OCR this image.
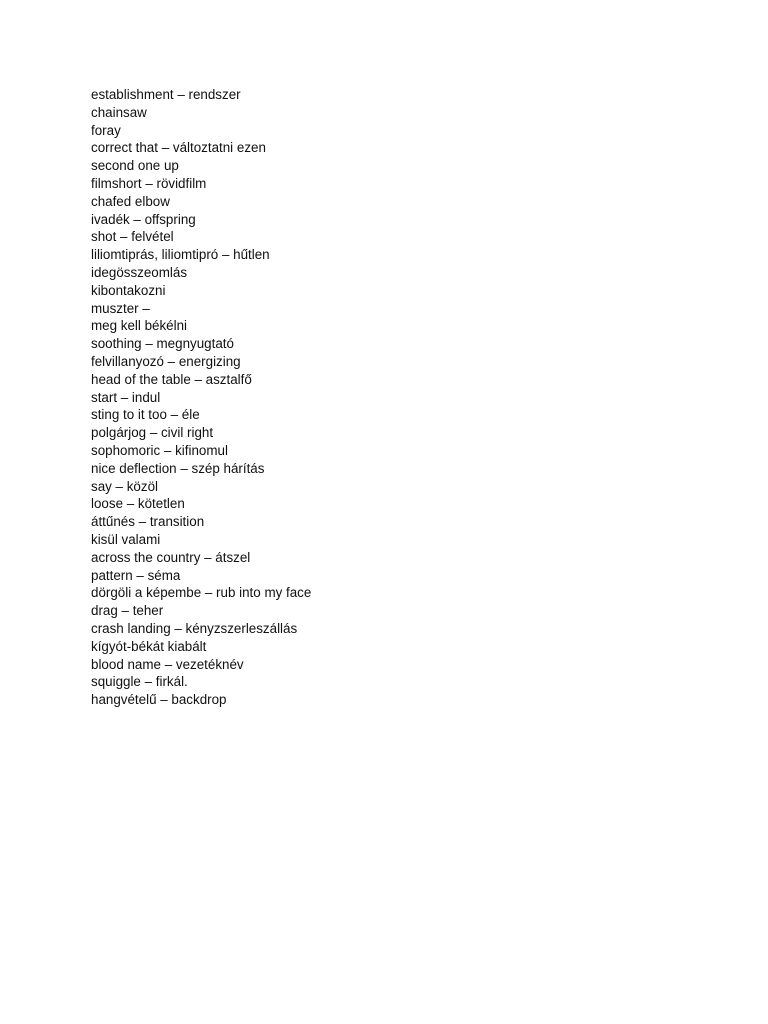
establishment – rendszer
chainsaw
foray
correct that – változtatni ezen
second one up
filmshort – rövidfilm
chafed elbow
ivadék – offspring
shot – felvétel
liliomtiprás, liliomtipró – hűtlen
idegösszeomlás
kibontakozni
muszter –
meg kell békélni
soothing – megnyugtató
felvillanyozó – energizing
head of the table – asztalfő
start – indul
sting to it too – éle
polgárjog – civil right
sophomoric – kifinomul
nice deflection – szép hárítás
say – közöl
loose – kötetlen
áttűnés – transition
kisül valami
across the country – átszel
pattern – séma
dörgöli a képembe – rub into my face
drag – teher
crash landing – kényzszerleszállás
kígyót-békát kiabált
blood name – vezetéknév
squiggle – firkál.
hangvételű – backdrop
